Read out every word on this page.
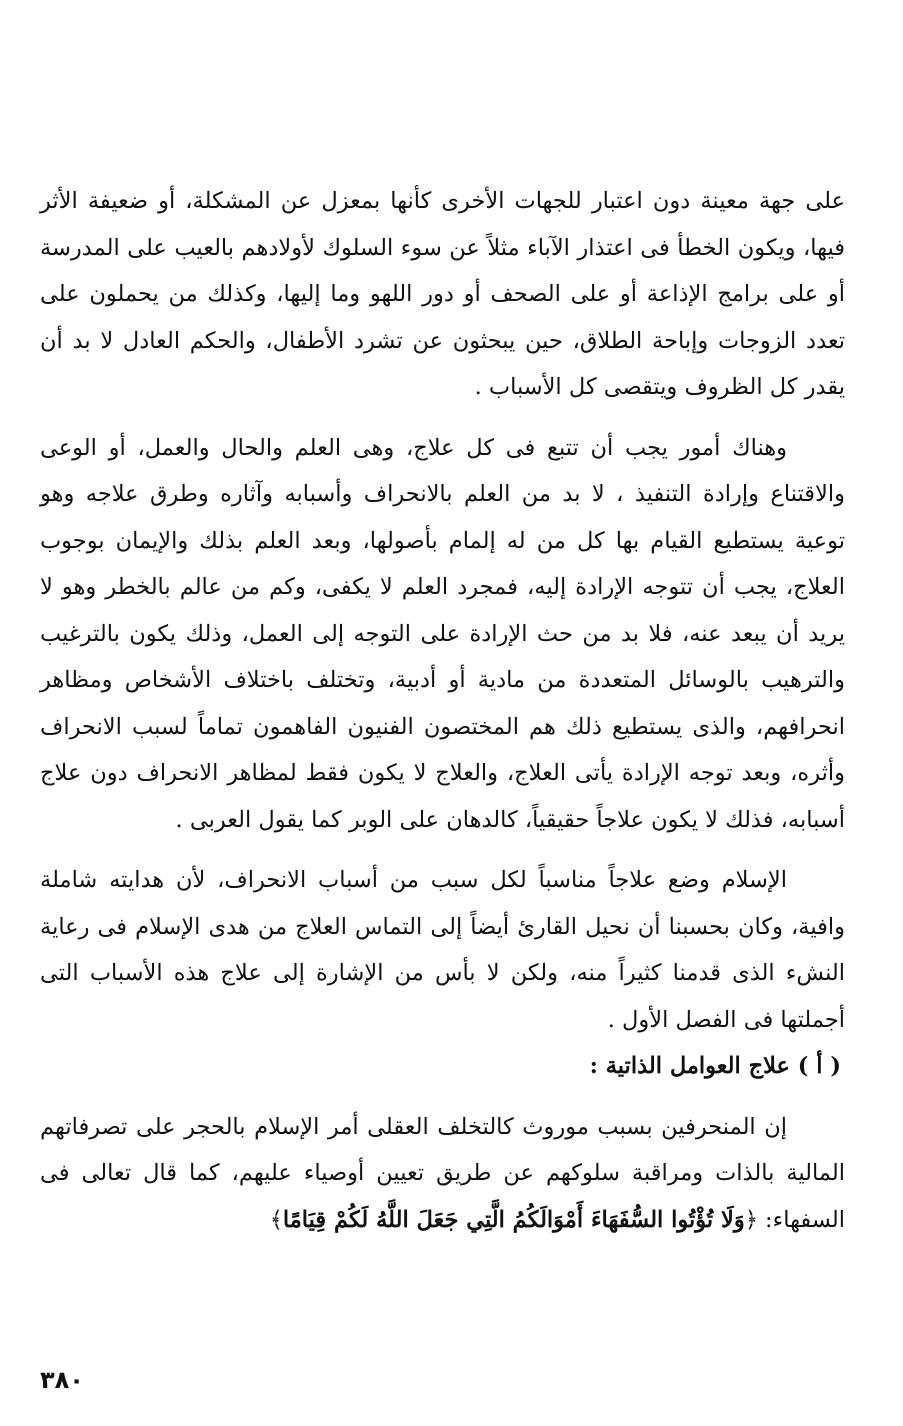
على جهة معينة دون اعتبار للجهات الأخرى كأنها بمعزل عن المشكلة، أو ضعيفة الأثر فيها، ويكون الخطأ فى اعتذار الآباء مثلاً عن سوء السلوك لأولادهم بالعيب على المدرسة أو على برامج الإذاعة أو على الصحف أو دور اللهو وما إليها، وكذلك من يحملون على تعدد الزوجات وإباحة الطلاق، حين يبحثون عن تشرد الأطفال، والحكم العادل لا بد أن يقدر كل الظروف ويتقصى كل الأسباب .

وهناك أمور يجب أن تتبع فى كل علاج، وهى العلم والحال والعمل، أو الوعى والاقتناع وإرادة التنفيذ ، لا بد من العلم بالانحراف وأسبابه وآثاره وطرق علاجه وهو توعية يستطيع القيام بها كل من له إلمام بأصولها، وبعد العلم بذلك والإيمان بوجوب العلاج، يجب أن تتوجه الإرادة إليه، فمجرد العلم لا يكفى، وكم من عالم بالخطر وهو لا يريد أن يبعد عنه، فلا بد من حث الإرادة على التوجه إلى العمل، وذلك يكون بالترغيب والترهيب بالوسائل المتعددة من مادية أو أدبية، وتختلف باختلاف الأشخاص ومظاهر انحرافهم، والذى يستطيع ذلك هم المختصون الفنيون الفاهمون تماماً لسبب الانحراف وأثره، وبعد توجه الإرادة يأتى العلاج، والعلاج لا يكون فقط لمظاهر الانحراف دون علاج أسبابه، فذلك لا يكون علاجاً حقيقياً، كالدهان على الوبر كما يقول العربى .

الإسلام وضع علاجاً مناسباً لكل سبب من أسباب الانحراف، لأن هدايته شاملة وافية، وكان بحسبنا أن نحيل القارئ أيضاً إلى التماس العلاج من هدى الإسلام فى رعاية النشء الذى قدمنا كثيراً منه، ولكن لا بأس من الإشارة إلى علاج هذه الأسباب التى أجملتها فى الفصل الأول .

( أ ) علاج العوامل الذاتية :

إن المنحرفين بسبب موروث كالتخلف العقلى أمر الإسلام بالحجر على تصرفاتهم المالية بالذات ومراقبة سلوكهم عن طريق تعيين أوصياء عليهم، كما قال تعالى فى السفهاء: ﴿وَلَا تُؤْتُوا السُّفَهَاءَ أَمْوَالَكُمُ الَّتِي جَعَلَ اللَّهُ لَكُمْ قِيَامًا﴾

٣٨٠
